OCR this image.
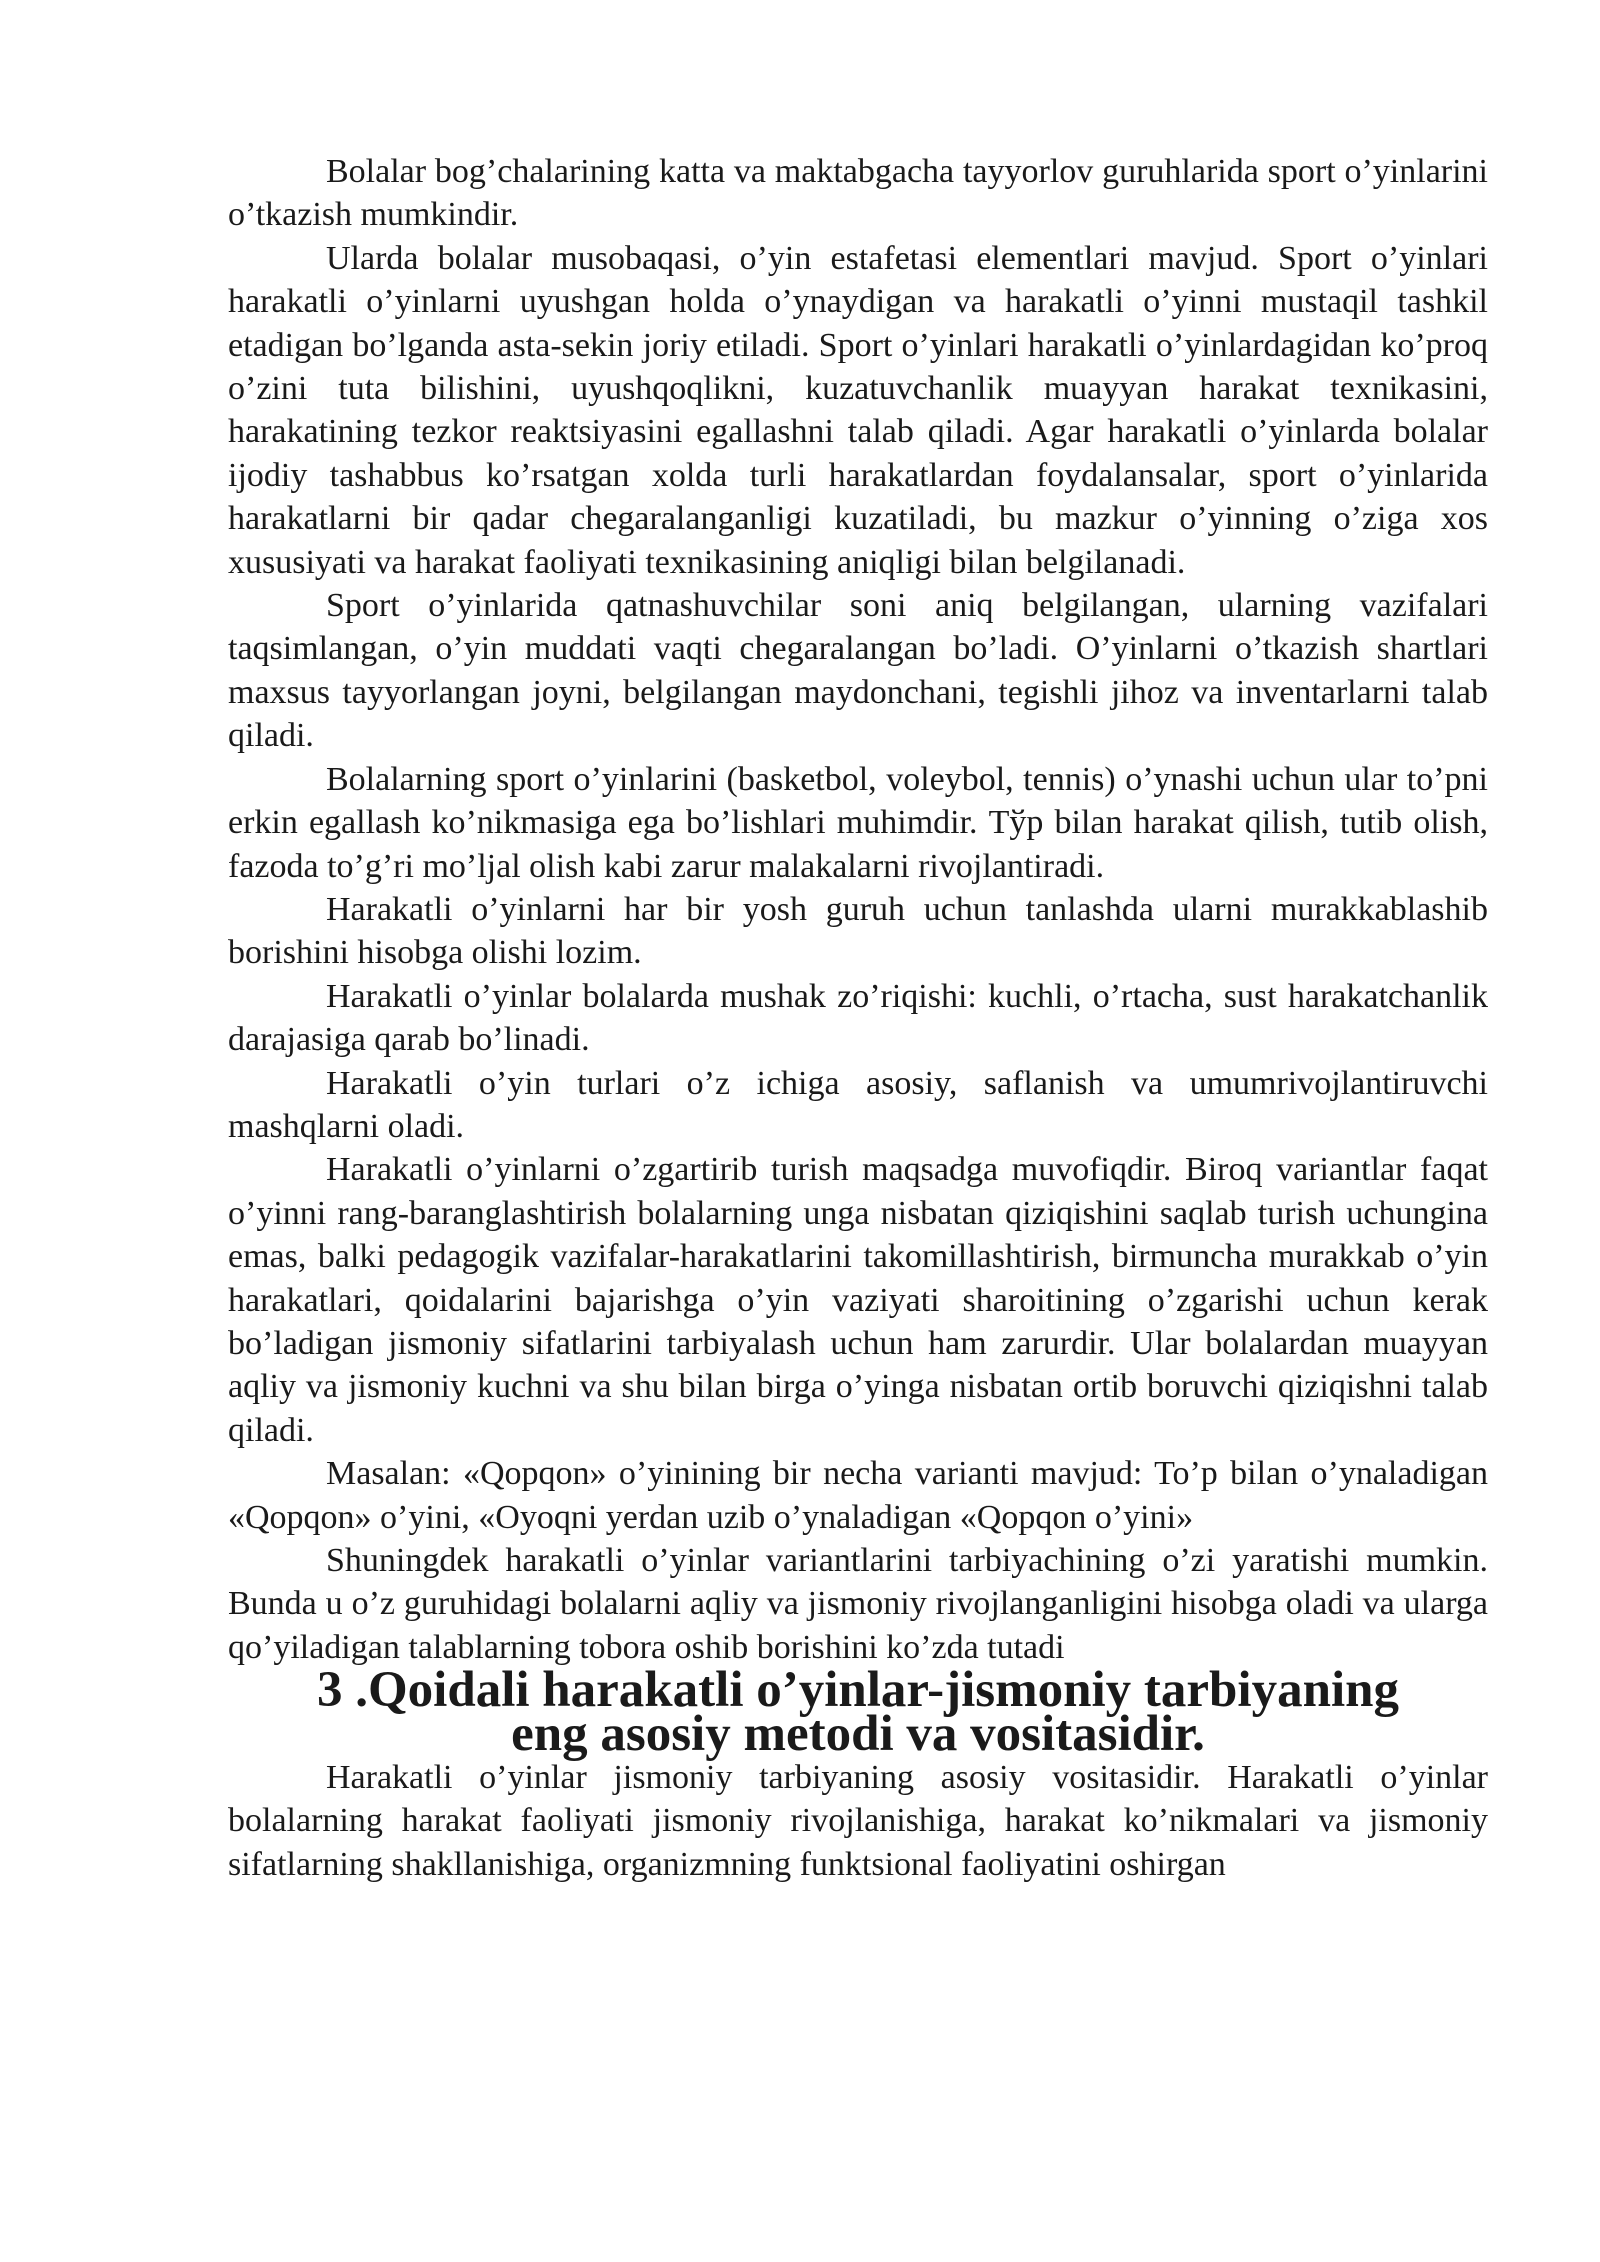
Bolalar bog’chalarining katta va maktabgacha tayyorlov guruhlarida sport o’yinlarini o’tkazish mumkindir.

Ularda bolalar musobaqasi, o’yin estafetasi elementlari mavjud. Sport o’yinlari harakatli o’yinlarni uyushgan holda o’ynaydigan va harakatli o’yinni mustaqil tashkil etadigan bo’lganda asta-sekin joriy etiladi. Sport o’yinlari harakatli o’yinlardagidan ko’proq o’zini tuta bilishini, uyushqoqlikni, kuzatuvchanlik muayyan harakat texnikasini, harakatining tezkor reaktsiyasini egallashni talab qiladi. Agar harakatli o’yinlarda bolalar ijodiy tashabbus ko’rsatgan xolda turli harakatlardan foydalansalar, sport o’yinlarida harakatlarni bir qadar chegaralanganligi kuzatiladi, bu mazkur o’yinning o’ziga xos xususiyati va harakat faoliyati texnikasining aniqligi bilan belgilanadi.

Sport o’yinlarida qatnashuvchilar soni aniq belgilangan, ularning vazifalari taqsimlangan, o’yin muddati vaqti chegaralangan bo’ladi. O’yinlarni o’tkazish shartlari maxsus tayyorlangan joyni, belgilangan maydonchani, tegishli jihoz va inventarlarni talab qiladi.

Bolalarning sport o’yinlarini (basketbol, voleybol, tennis) o’ynashi uchun ular to’pni erkin egallash ko’nikmasiga ega bo’lishlari muhimdir. Тўр bilan harakat qilish, tutib olish, fazoda to’g’ri mo’ljal olish kabi zarur malakalarni rivojlantiradi.

Harakatli o’yinlarni har bir yosh guruh uchun tanlashda ularni murakkablashib borishini hisobga olishi lozim.

Harakatli o’yinlar bolalarda mushak zo’riqishi: kuchli, o’rtacha, sust harakatchanlik darajasiga qarab bo’linadi.

Harakatli o’yin turlari o’z ichiga asosiy, saflanish va umumrivojlantiruvchi mashqlarni oladi.

Harakatli o’yinlarni o’zgartirib turish maqsadga muvofiqdir. Biroq variantlar faqat o’yinni rang-baranglashtirish bolalarning unga nisbatan qiziqishini saqlab turish uchungina emas, balki pedagogik vazifalar-harakatlarini takomillashtirish, birmuncha murakkab o’yin harakatlari, qoidalarini bajarishga o’yin vaziyati sharoitining o’zgarishi uchun kerak bo’ladigan jismoniy sifatlarini tarbiyalash uchun ham zarurdir. Ular bolalardan muayyan aqliy va jismoniy kuchni va shu bilan birga o’yinga nisbatan ortib boruvchi qiziqishni talab qiladi.

Masalan: «Qopqon» o’yinining bir necha varianti mavjud: To’p bilan o’ynaladigan «Qopqon» o’yini, «Oyoqni yerdan uzib o’ynaladigan «Qopqon o’yini»

Shuningdek harakatli o’yinlar variantlarini tarbiyachining o’zi yaratishi mumkin. Bunda u o’z guruhidagi bolalarni aqliy va jismoniy rivojlanganligini hisobga oladi va ularga qo’yiladigan talablarning tobora oshib borishini ko’zda tutadi

3 .Qoidali harakatli o’yinlar-jismoniy tarbiyaning eng asosiy metodi va vositasidir.

Harakatli o’yinlar jismoniy tarbiyaning asosiy vositasidir. Harakatli o’yinlar bolalarning harakat faoliyati jismoniy rivojlanishiga, harakat ko’nikmalari va jismoniy sifatlarning shakllanishiga, organizmning funktsional faoliyatini oshirgan
